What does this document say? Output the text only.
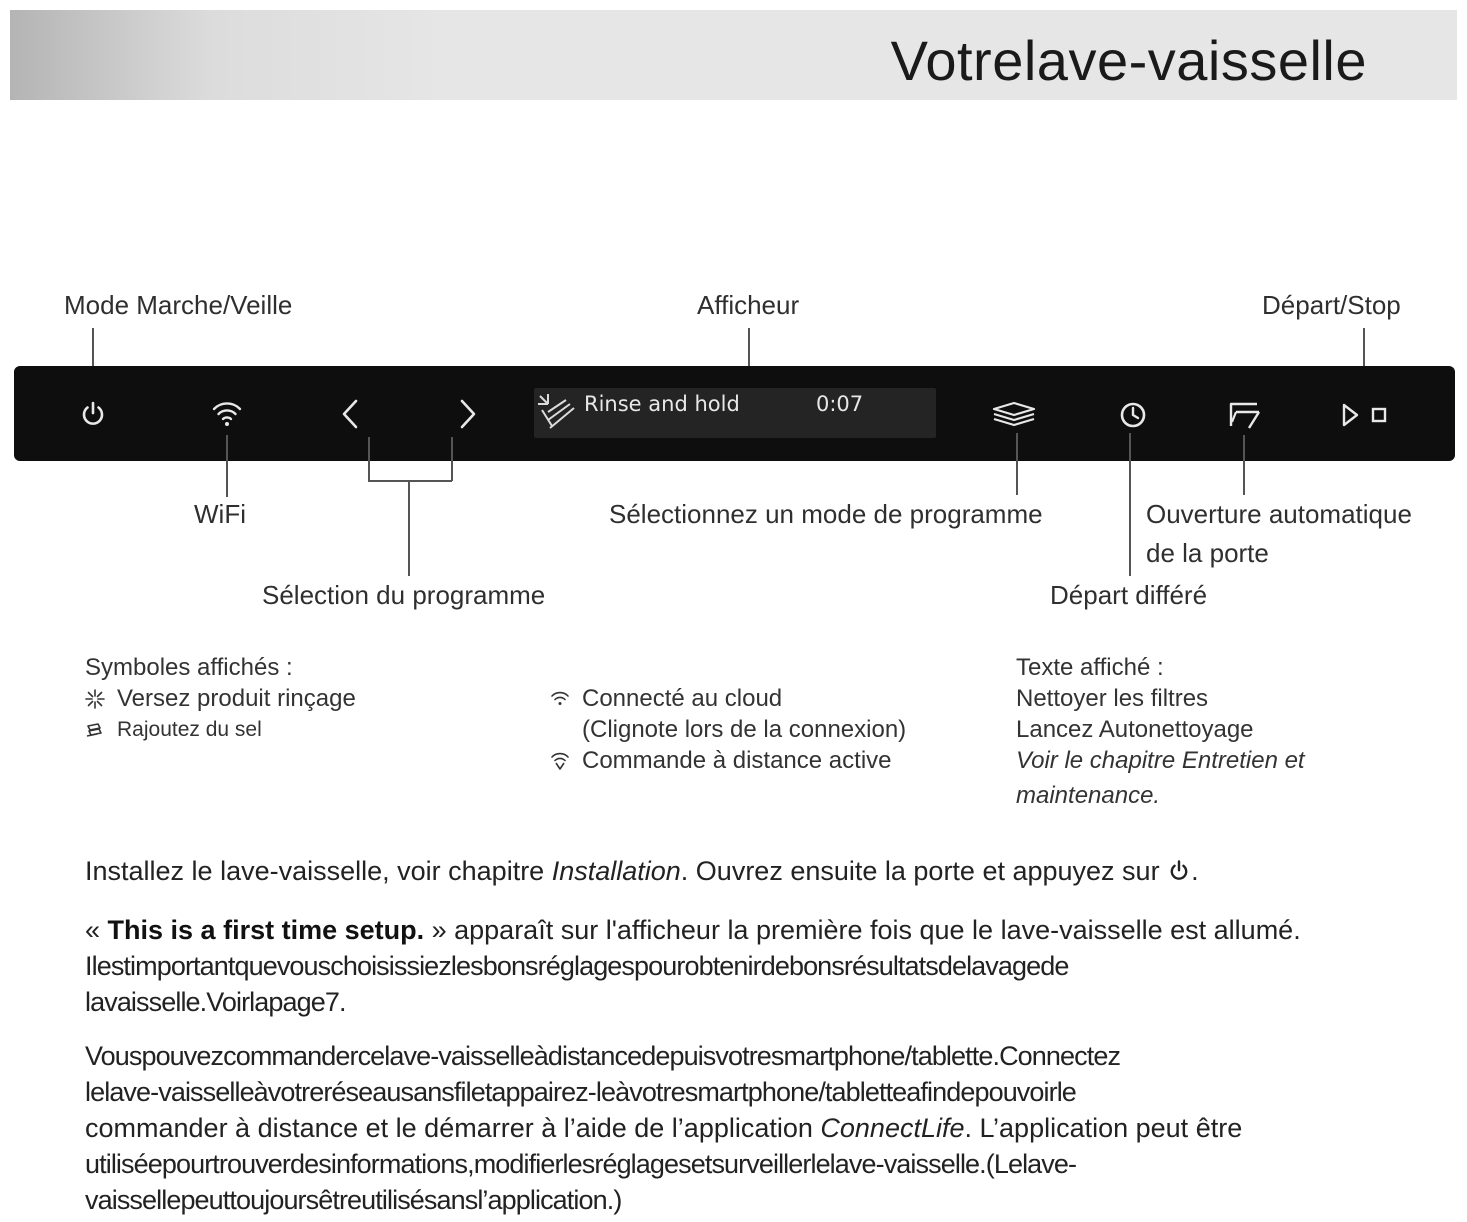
Votrelave-vaisselle
Mode Marche/Veille	Afficheur	Départ/Stop
Rinse and hold	0:07
WiFi	Sélectionnez un mode de programme	Ouverture automatique
de la porte
Sélection du programme	Départ différé
Symboles affichés :
Versez produit rinçage
Rajoutez du sel
Connecté au cloud
(Clignote lors de la connexion)
Commande à distance active
Texte affiché :
Nettoyer les filtres
Lancez Autonettoyage
Voir le chapitre Entretien et
maintenance.
Installez le lave-vaisselle, voir chapitre Installation. Ouvrez ensuite la porte et appuyez sur .
« This is a first time setup. » apparaît sur l'afficheur la première fois que le lave-vaisselle est allumé.
Ilestimportantquevouschoisissiezlesbonsréglagespourobtenirdebonsrésultatsdelavagede
lavaisselle.Voirlapage7.
Vouspouvezcommandercelave-vaisselleàdistancedepuisvotresmartphone/tablette.Connectez
lelave-vaisselleàvotreréseausansfiletappairez-leàvotresmartphone/tabletteafindepouvoirle
commander à distance et le démarrer à l’aide de l’application ConnectLife. L’application peut être
utiliséepourtrouverdesinformations,modifierlesréglagesetsurveillerlelave-vaisselle.(Lelave-
vaissellepeuttoujoursêtreutilisésansl’application.)
